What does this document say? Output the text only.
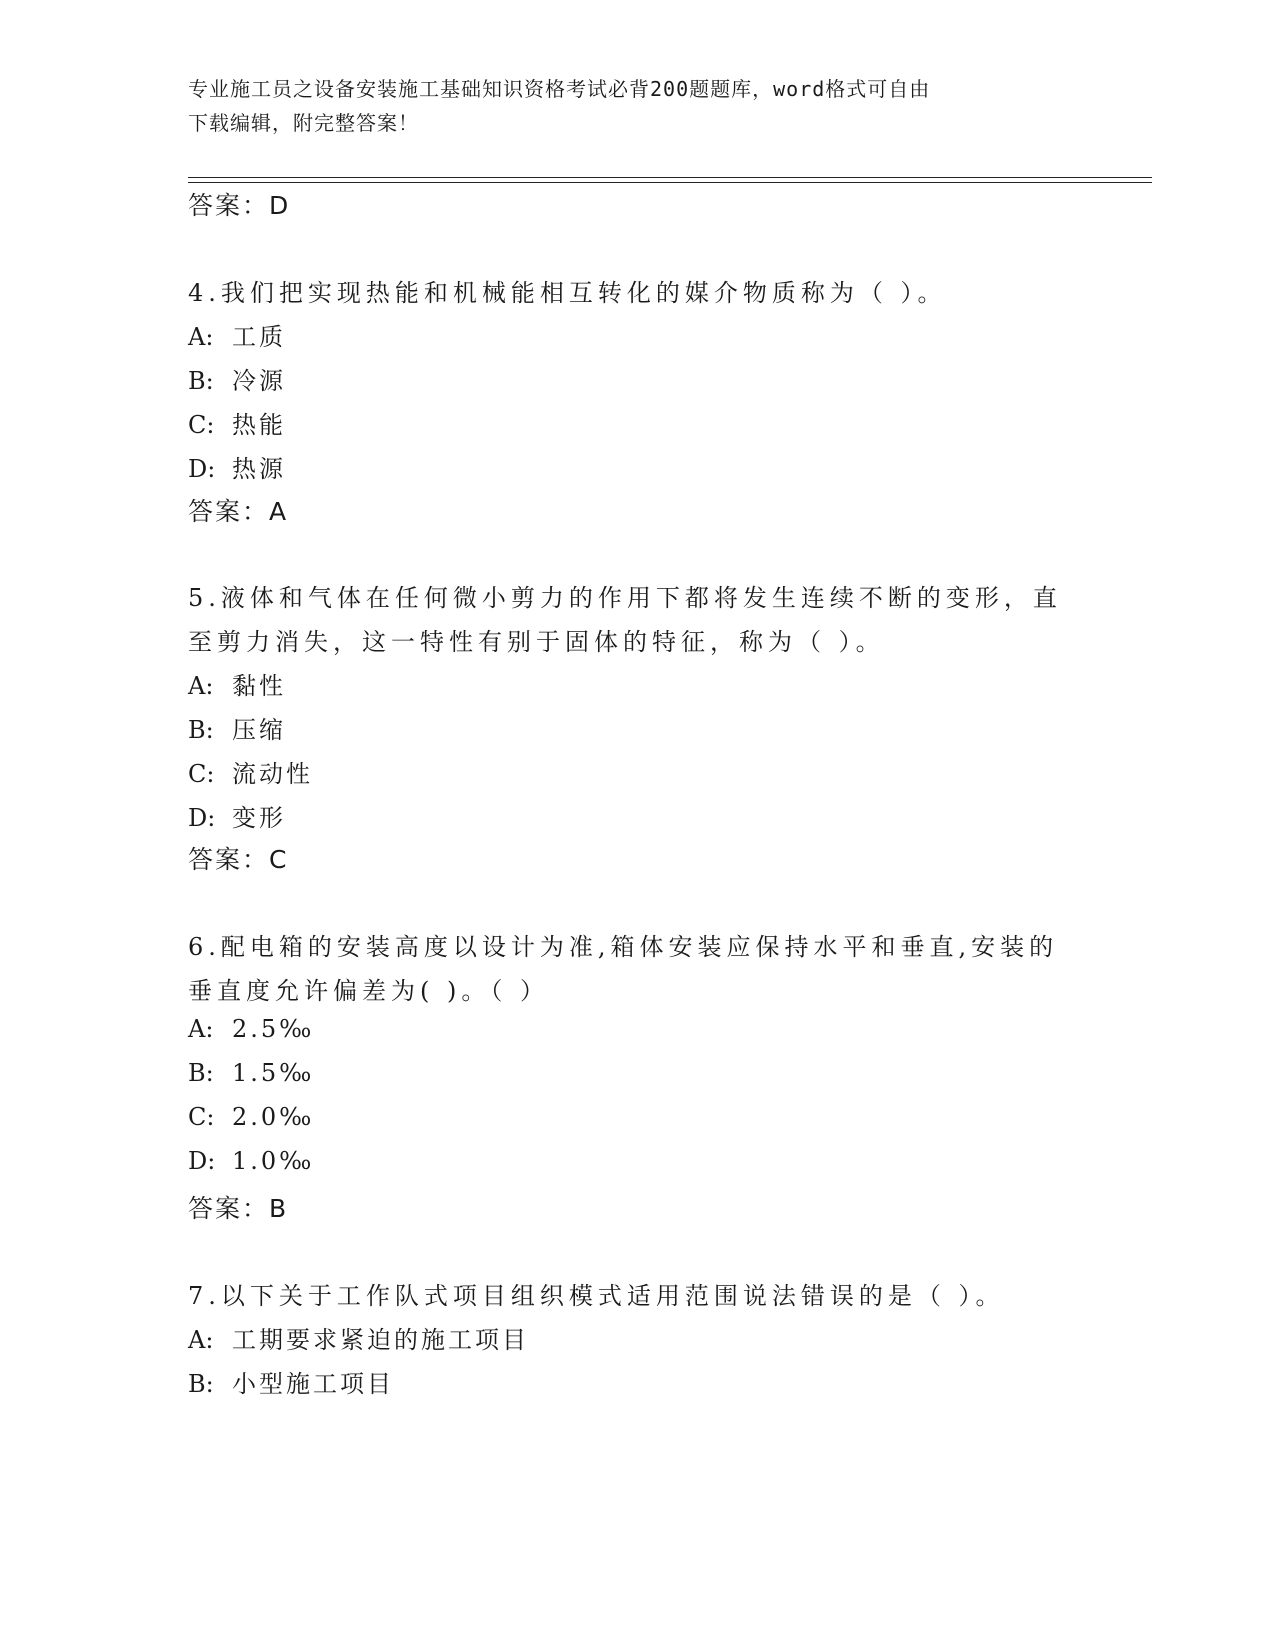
专业施工员之设备安装施工基础知识资格考试必背200题题库，word格式可自由
下载编辑，附完整答案！
答案：D
4.我们把实现热能和机械能相互转化的媒介物质称为（ ）。
A: 工质
B: 冷源
C: 热能
D: 热源
答案：A
5.液体和气体在任何微小剪力的作用下都将发生连续不断的变形，直
至剪力消失，这一特性有别于固体的特征，称为（ ）。
A: 黏性
B: 压缩
C: 流动性
D: 变形
答案：C
6.配电箱的安装高度以设计为准,箱体安装应保持水平和垂直,安装的
垂直度允许偏差为( )。（ ）
A: 2.5‰
B: 1.5‰
C: 2.0‰
D: 1.0‰
答案：B
7.以下关于工作队式项目组织模式适用范围说法错误的是（ ）。
A: 工期要求紧迫的施工项目
B: 小型施工项目
